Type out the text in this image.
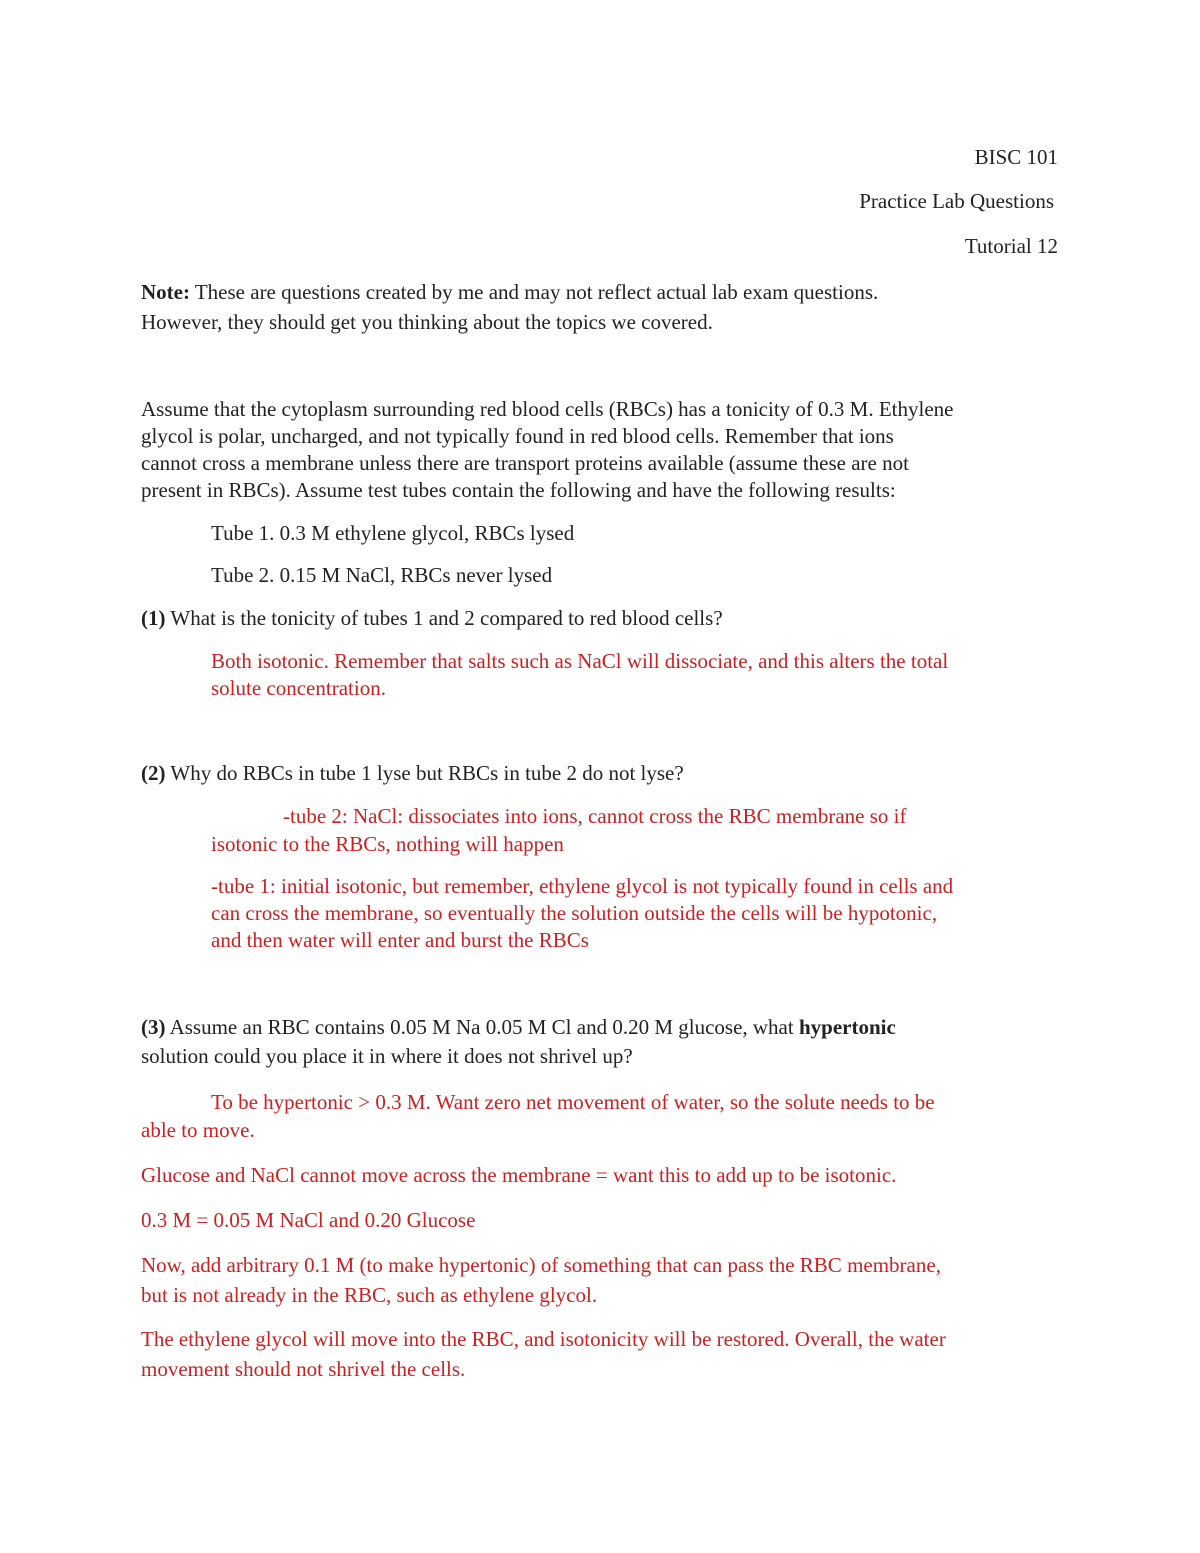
BISC 101
Practice Lab Questions
Tutorial 12
Note: These are questions created by me and may not reflect actual lab exam questions.
However, they should get you thinking about the topics we covered.
Assume that the cytoplasm surrounding red blood cells (RBCs) has a tonicity of 0.3 M. Ethylene
glycol is polar, uncharged, and not typically found in red blood cells. Remember that ions
cannot cross a membrane unless there are transport proteins available (assume these are not
present in RBCs). Assume test tubes contain the following and have the following results:
Tube 1. 0.3 M ethylene glycol, RBCs lysed
Tube 2. 0.15 M NaCl, RBCs never lysed
(1) What is the tonicity of tubes 1 and 2 compared to red blood cells?
Both isotonic. Remember that salts such as NaCl will dissociate, and this alters the total
solute concentration.
(2) Why do RBCs in tube 1 lyse but RBCs in tube 2 do not lyse?
-tube 2: NaCl: dissociates into ions, cannot cross the RBC membrane so if
isotonic to the RBCs, nothing will happen
-tube 1: initial isotonic, but remember, ethylene glycol is not typically found in cells and
can cross the membrane, so eventually the solution outside the cells will be hypotonic,
and then water will enter and burst the RBCs
(3) Assume an RBC contains 0.05 M Na 0.05 M Cl and 0.20 M glucose, what hypertonic
solution could you place it in where it does not shrivel up?
To be hypertonic > 0.3 M. Want zero net movement of water, so the solute needs to be
able to move.
Glucose and NaCl cannot move across the membrane = want this to add up to be isotonic.
0.3 M = 0.05 M NaCl and 0.20 Glucose
Now, add arbitrary 0.1 M (to make hypertonic) of something that can pass the RBC membrane,
but is not already in the RBC, such as ethylene glycol.
The ethylene glycol will move into the RBC, and isotonicity will be restored. Overall, the water
movement should not shrivel the cells.
